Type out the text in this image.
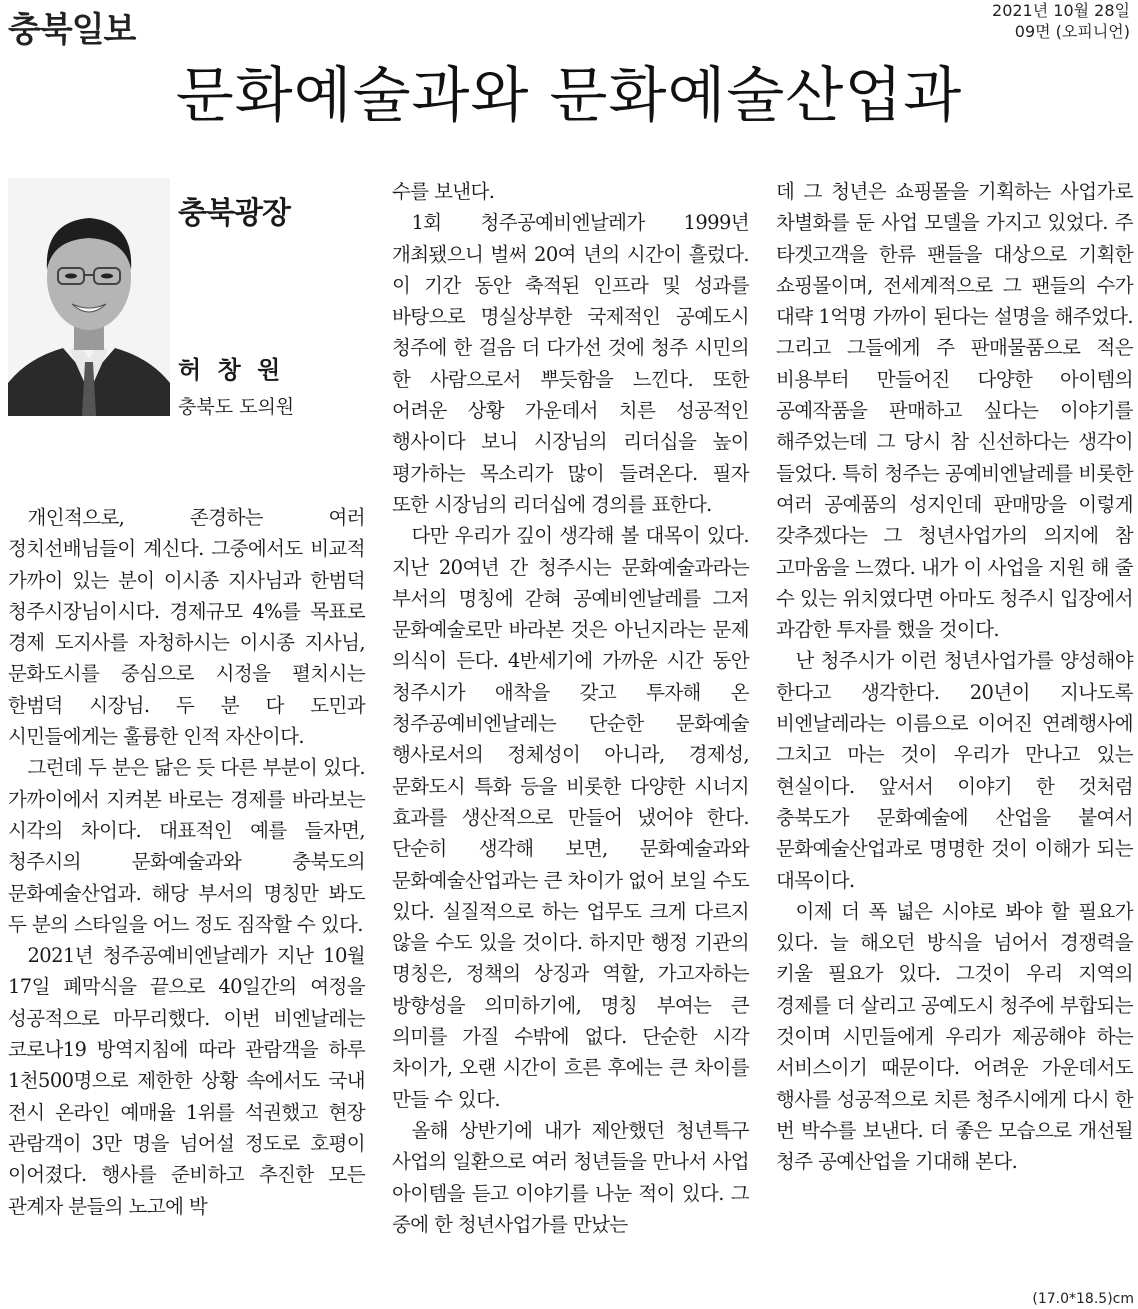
충북일보	2021년 10월 28일
09면 (오피니언)
문화예술과와 문화예술산업과
충북광장
허 창 원
충북도 도의원

개인적으로, 존경하는 여러 정치선배님들이 계신다. 그중에서도 비교적 가까이 있는 분이 이시종 지사님과 한범덕 청주시장님이시다. 경제규모 4%를 목표로 경제 도지사를 자청하시는 이시종 지사님, 문화도시를 중심으로 시정을 펼치시는 한범덕 시장님. 두 분 다 도민과 시민들에게는 훌륭한 인적 자산이다.

그런데 두 분은 닮은 듯 다른 부분이 있다. 가까이에서 지켜본 바로는 경제를 바라보는 시각의 차이다. 대표적인 예를 들자면, 청주시의 문화예술과와 충북도의 문화예술산업과. 해당 부서의 명칭만 봐도 두 분의 스타일을 어느 정도 짐작할 수 있다.

2021년 청주공예비엔날레가 지난 10월 17일 폐막식을 끝으로 40일간의 여정을 성공적으로 마무리했다. 이번 비엔날레는 코로나19 방역지침에 따라 관람객을 하루 1천500명으로 제한한 상황 속에서도 국내 전시 온라인 예매율 1위를 석권했고 현장 관람객이 3만 명을 넘어설 정도로 호평이 이어졌다. 행사를 준비하고 추진한 모든 관계자 분들의 노고에 박

수를 보낸다.

1회 청주공예비엔날레가 1999년 개최됐으니 벌써 20여 년의 시간이 흘렀다. 이 기간 동안 축적된 인프라 및 성과를 바탕으로 명실상부한 국제적인 공예도시 청주에 한 걸음 더 다가선 것에 청주 시민의 한 사람으로서 뿌듯함을 느낀다. 또한 어려운 상황 가운데서 치른 성공적인 행사이다 보니 시장님의 리더십을 높이 평가하는 목소리가 많이 들려온다. 필자 또한 시장님의 리더십에 경의를 표한다.

다만 우리가 깊이 생각해 볼 대목이 있다. 지난 20여년 간 청주시는 문화예술과라는 부서의 명칭에 갇혀 공예비엔날레를 그저 문화예술로만 바라본 것은 아닌지라는 문제 의식이 든다. 4반세기에 가까운 시간 동안 청주시가 애착을 갖고 투자해 온 청주공예비엔날레는 단순한 문화예술 행사로서의 정체성이 아니라, 경제성, 문화도시 특화 등을 비롯한 다양한 시너지 효과를 생산적으로 만들어 냈어야 한다. 단순히 생각해 보면, 문화예술과와 문화예술산업과는 큰 차이가 없어 보일 수도 있다. 실질적으로 하는 업무도 크게 다르지 않을 수도 있을 것이다. 하지만 행정 기관의 명칭은, 정책의 상징과 역할, 가고자하는 방향성을 의미하기에, 명칭 부여는 큰 의미를 가질 수밖에 없다. 단순한 시각 차이가, 오랜 시간이 흐른 후에는 큰 차이를 만들 수 있다.

올해 상반기에 내가 제안했던 청년특구 사업의 일환으로 여러 청년들을 만나서 사업 아이템을 듣고 이야기를 나눈 적이 있다. 그 중에 한 청년사업가를 만났는

데 그 청년은 쇼핑몰을 기획하는 사업가로 차별화를 둔 사업 모델을 가지고 있었다. 주 타겟고객을 한류 팬들을 대상으로 기획한 쇼핑몰이며, 전세계적으로 그 팬들의 수가 대략 1억명 가까이 된다는 설명을 해주었다. 그리고 그들에게 주 판매물품으로 적은 비용부터 만들어진 다양한 아이템의 공예작품을 판매하고 싶다는 이야기를 해주었는데 그 당시 참 신선하다는 생각이 들었다. 특히 청주는 공예비엔날레를 비롯한 여러 공예품의 성지인데 판매망을 이렇게 갖추겠다는 그 청년사업가의 의지에 참 고마움을 느꼈다. 내가 이 사업을 지원 해 줄 수 있는 위치였다면 아마도 청주시 입장에서 과감한 투자를 했을 것이다.

난 청주시가 이런 청년사업가를 양성해야 한다고 생각한다. 20년이 지나도록 비엔날레라는 이름으로 이어진 연례행사에 그치고 마는 것이 우리가 만나고 있는 현실이다. 앞서서 이야기 한 것처럼 충북도가 문화예술에 산업을 붙여서 문화예술산업과로 명명한 것이 이해가 되는 대목이다.

이제 더 폭 넓은 시야로 봐야 할 필요가 있다. 늘 해오던 방식을 넘어서 경쟁력을 키울 필요가 있다. 그것이 우리 지역의 경제를 더 살리고 공예도시 청주에 부합되는 것이며 시민들에게 우리가 제공해야 하는 서비스이기 때문이다. 어려운 가운데서도 행사를 성공적으로 치른 청주시에게 다시 한 번 박수를 보낸다. 더 좋은 모습으로 개선될 청주 공예산업을 기대해 본다.

(17.0*18.5)cm
